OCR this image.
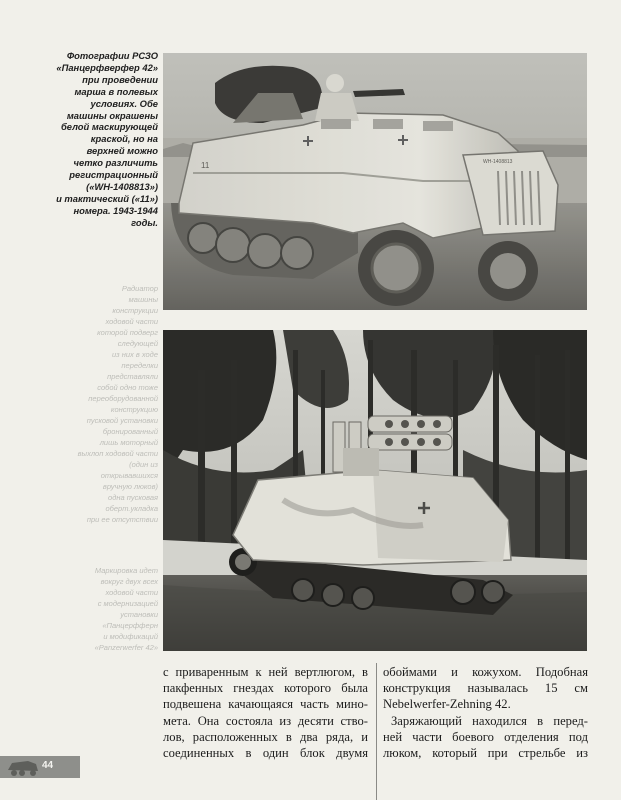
Фотографии РСЗО
«Панцерфверфер 42»
при проведении
марша в полевых
условиях. Обе
машины окрашены
белой маскирующей
краской, но на
верхней можно
четко различить
регистрационный
(«WH-1408813»)
и тактический («11»)
номера. 1943-1944
годы.
Радиатор
машины
конструкции
ходовой части
которой подверг
следующей
из них в ходе
переделки
представляли
собой одно тоже
переоборудованной
конструкцию
пусковой установки
бронированный
лишь моторный
выхлоп ходовой части
(один из
открывавшихся
вручную люков)
одна пусковая
оберт.укладка
при ее отсутствии
Маркировка идет
вокруг двух всех
ходовой части
с модернизацией
установки
«Панцерфферн
и модификаций
«Panzerwerfer 42»
11	WH-1408813
с приваренным к ней вертлюгом, в
пакфенных гнездах которого была
подвешена качающаяся часть мино-
мета. Она состояла из десяти ство-
лов, расположенных в два ряда, и
соединенных в один блок двумя
обоймами и кожухом. Подобная
конструкция называлась 15 см
Nebelwerfer-Zehning 42.
Заряжающий находился в перед-
ней части боевого отделения под
люком, который при стрельбе из
44
